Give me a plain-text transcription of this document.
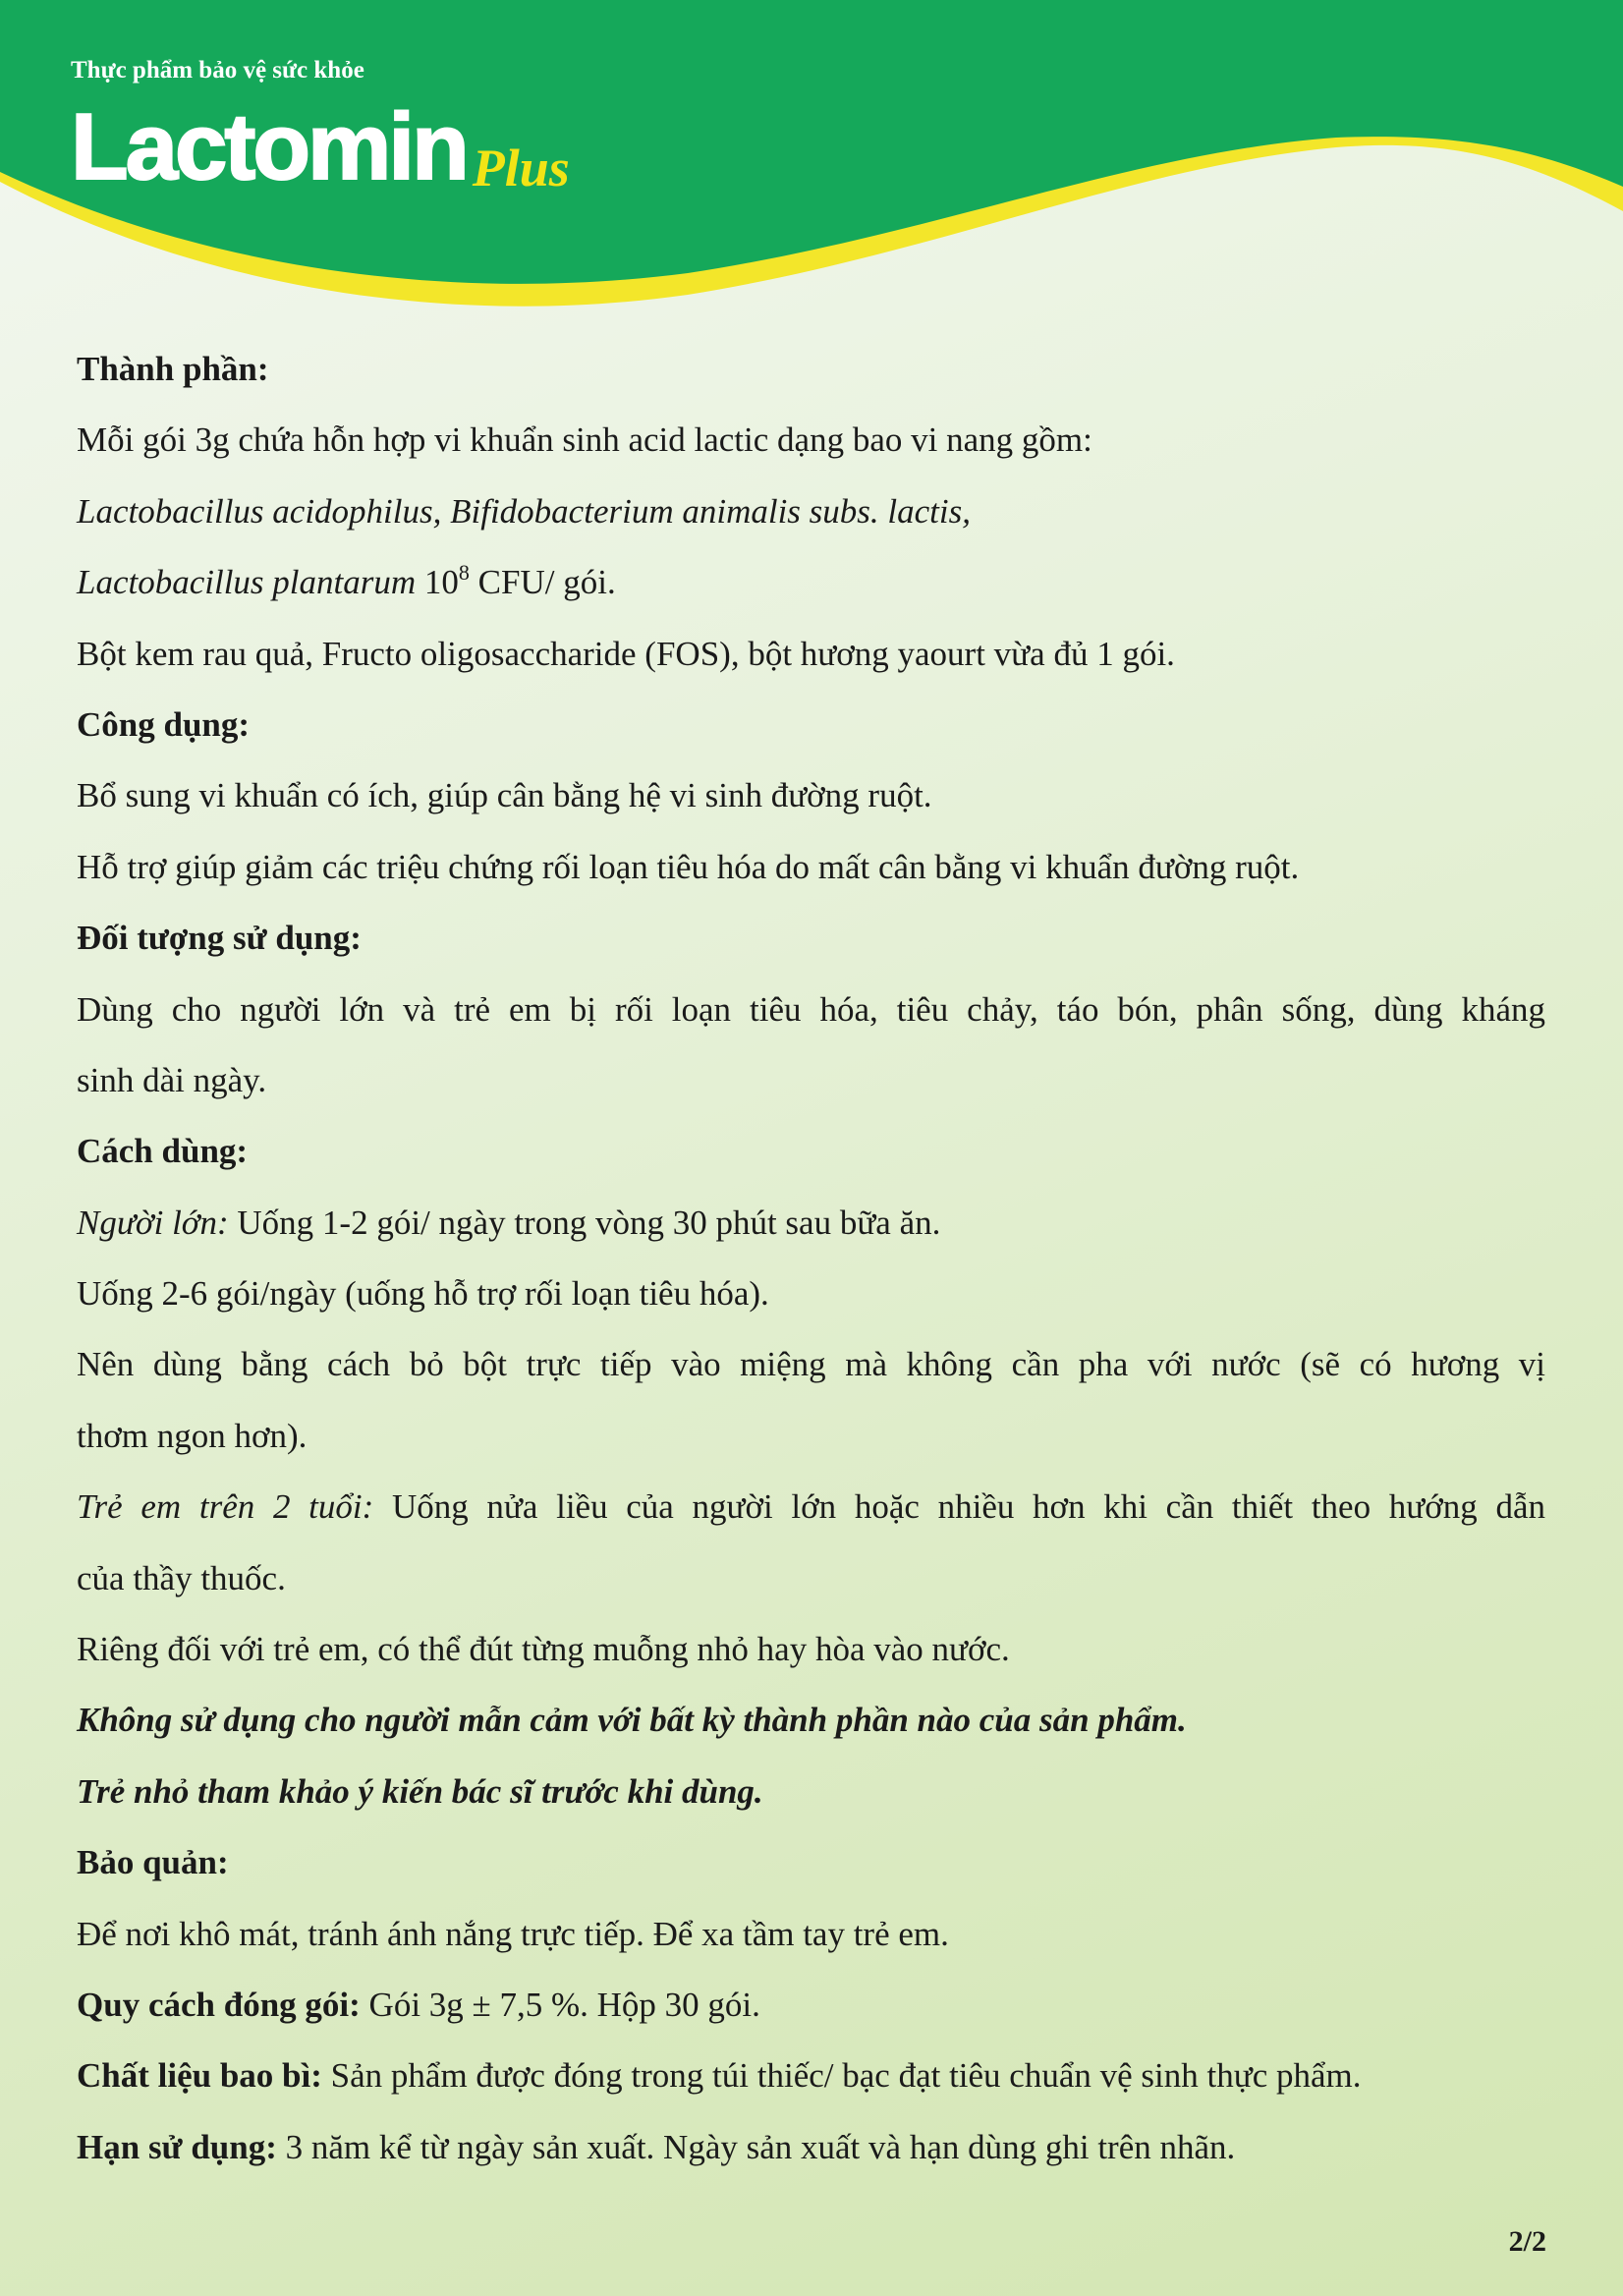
Thực phẩm bảo vệ sức khỏe
Lactomin Plus
Thành phần:
Mỗi gói 3g chứa hỗn hợp vi khuẩn sinh acid lactic dạng bao vi nang gồm:
Lactobacillus acidophilus, Bifidobacterium animalis subs. lactis,
Lactobacillus plantarum $10^8$ CFU/ gói.
Bột kem rau quả, Fructo oligosaccharide (FOS), bột hương yaourt vừa đủ 1 gói.
Công dụng:
Bổ sung vi khuẩn có ích, giúp cân bằng hệ vi sinh đường ruột.
Hỗ trợ giúp giảm các triệu chứng rối loạn tiêu hóa do mất cân bằng vi khuẩn đường ruột.
Đối tượng sử dụng:
Dùng cho người lớn và trẻ em bị rối loạn tiêu hóa, tiêu chảy, táo bón, phân sống, dùng kháng
sinh dài ngày.
Cách dùng:
Người lớn: Uống 1-2 gói/ ngày trong vòng 30 phút sau bữa ăn.
Uống 2-6 gói/ngày (uống hỗ trợ rối loạn tiêu hóa).
Nên dùng bằng cách bỏ bột trực tiếp vào miệng mà không cần pha với nước (sẽ có hương vị
thơm ngon hơn).
Trẻ em trên 2 tuổi: Uống nửa liều của người lớn hoặc nhiều hơn khi cần thiết theo hướng dẫn
của thầy thuốc.
Riêng đối với trẻ em, có thể đút từng muỗng nhỏ hay hòa vào nước.
Không sử dụng cho người mẫn cảm với bất kỳ thành phần nào của sản phẩm.
Trẻ nhỏ tham khảo ý kiến bác sĩ trước khi dùng.
Bảo quản:
Để nơi khô mát, tránh ánh nắng trực tiếp. Để xa tầm tay trẻ em.
Quy cách đóng gói: Gói 3g ± 7,5 %. Hộp 30 gói.
Chất liệu bao bì: Sản phẩm được đóng trong túi thiếc/ bạc đạt tiêu chuẩn vệ sinh thực phẩm.
Hạn sử dụng: 3 năm kể từ ngày sản xuất. Ngày sản xuất và hạn dùng ghi trên nhãn.
2/2
